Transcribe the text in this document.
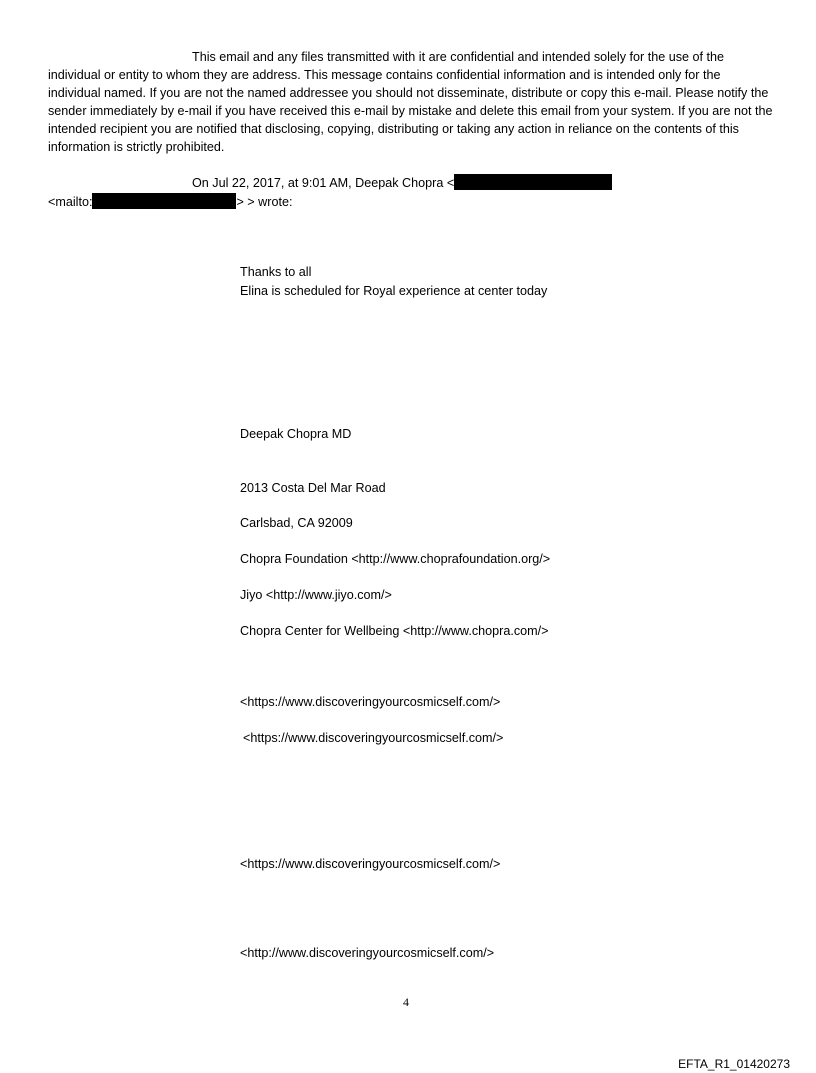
This email and any files transmitted with it are confidential and intended solely for the use of the individual or entity to whom they are address. This message contains confidential information and is intended only for the individual named. If you are not the named addressee you should not disseminate, distribute or copy this e-mail. Please notify the sender immediately by e-mail if you have received this e-mail by mistake and delete this email from your system. If you are not the intended recipient you are notified that disclosing, copying, distributing or taking any action in reliance on the contents of this information is strictly prohibited.

On Jul 22, 2017, at 9:01 AM, Deepak Chopra <
<mailto:	> > wrote:
Thanks to all
Elina is scheduled for Royal experience at center today
Deepak Chopra MD
2013 Costa Del Mar Road
Carlsbad, CA 92009
Chopra Foundation <http://www.choprafoundation.org/>
Jiyo <http://www.jiyo.com/>
Chopra Center for Wellbeing <http://www.chopra.com/>
<https://www.discoveringyourcosmicself.com/>
<https://www.discoveringyourcosmicself.com/>
<https://www.discoveringyourcosmicself.com/>
<http://www.discoveringyourcosmicself.com/>
4
EFTA_R1_01420273
